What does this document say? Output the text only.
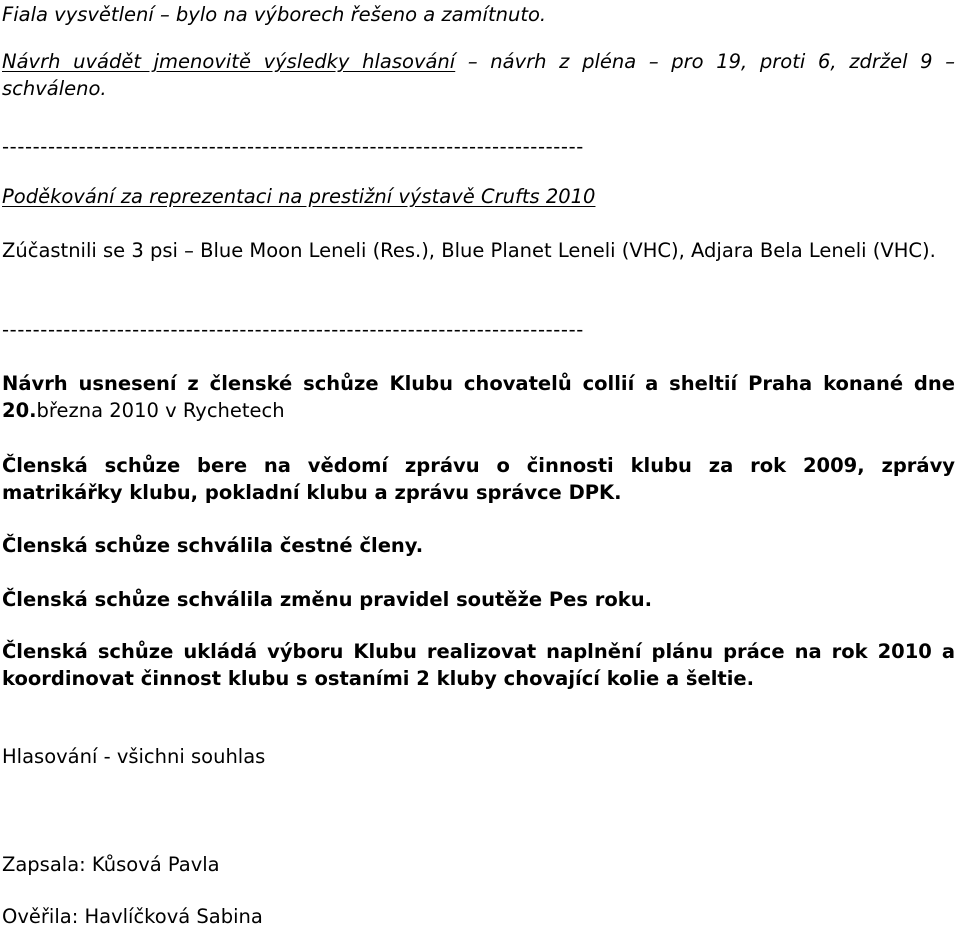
Fiala vysvětlení – bylo na výborech řešeno a zamítnuto.
Návrh uvádět jmenovitě výsledky hlasování – návrh z pléna – pro 19, proti 6, zdržel 9 – schváleno.
----------------------------------------------------------------------------
Poděkování za reprezentaci na prestižní výstavě Crufts 2010
Zúčastnili se 3 psi – Blue Moon Leneli (Res.), Blue Planet Leneli (VHC), Adjara Bela Leneli (VHC).
----------------------------------------------------------------------------
Návrh usnesení z členské schůze Klubu chovatelů collií a sheltií Praha konané dne 20.března 2010 v Rychetech
Členská schůze bere na vědomí zprávu o činnosti klubu za rok 2009, zprávy matrikářky klubu, pokladní klubu a zprávu správce DPK.
Členská schůze schválila čestné členy.
Členská schůze schválila změnu pravidel soutěže Pes roku.
Členská schůze ukládá výboru Klubu realizovat naplnění plánu práce na rok 2010 a koordinovat činnost klubu s ostaními 2 kluby chovající kolie a šeltie.
Hlasování - všichni souhlas
Zapsala: Kůsová Pavla
Ověřila: Havlíčková Sabina
